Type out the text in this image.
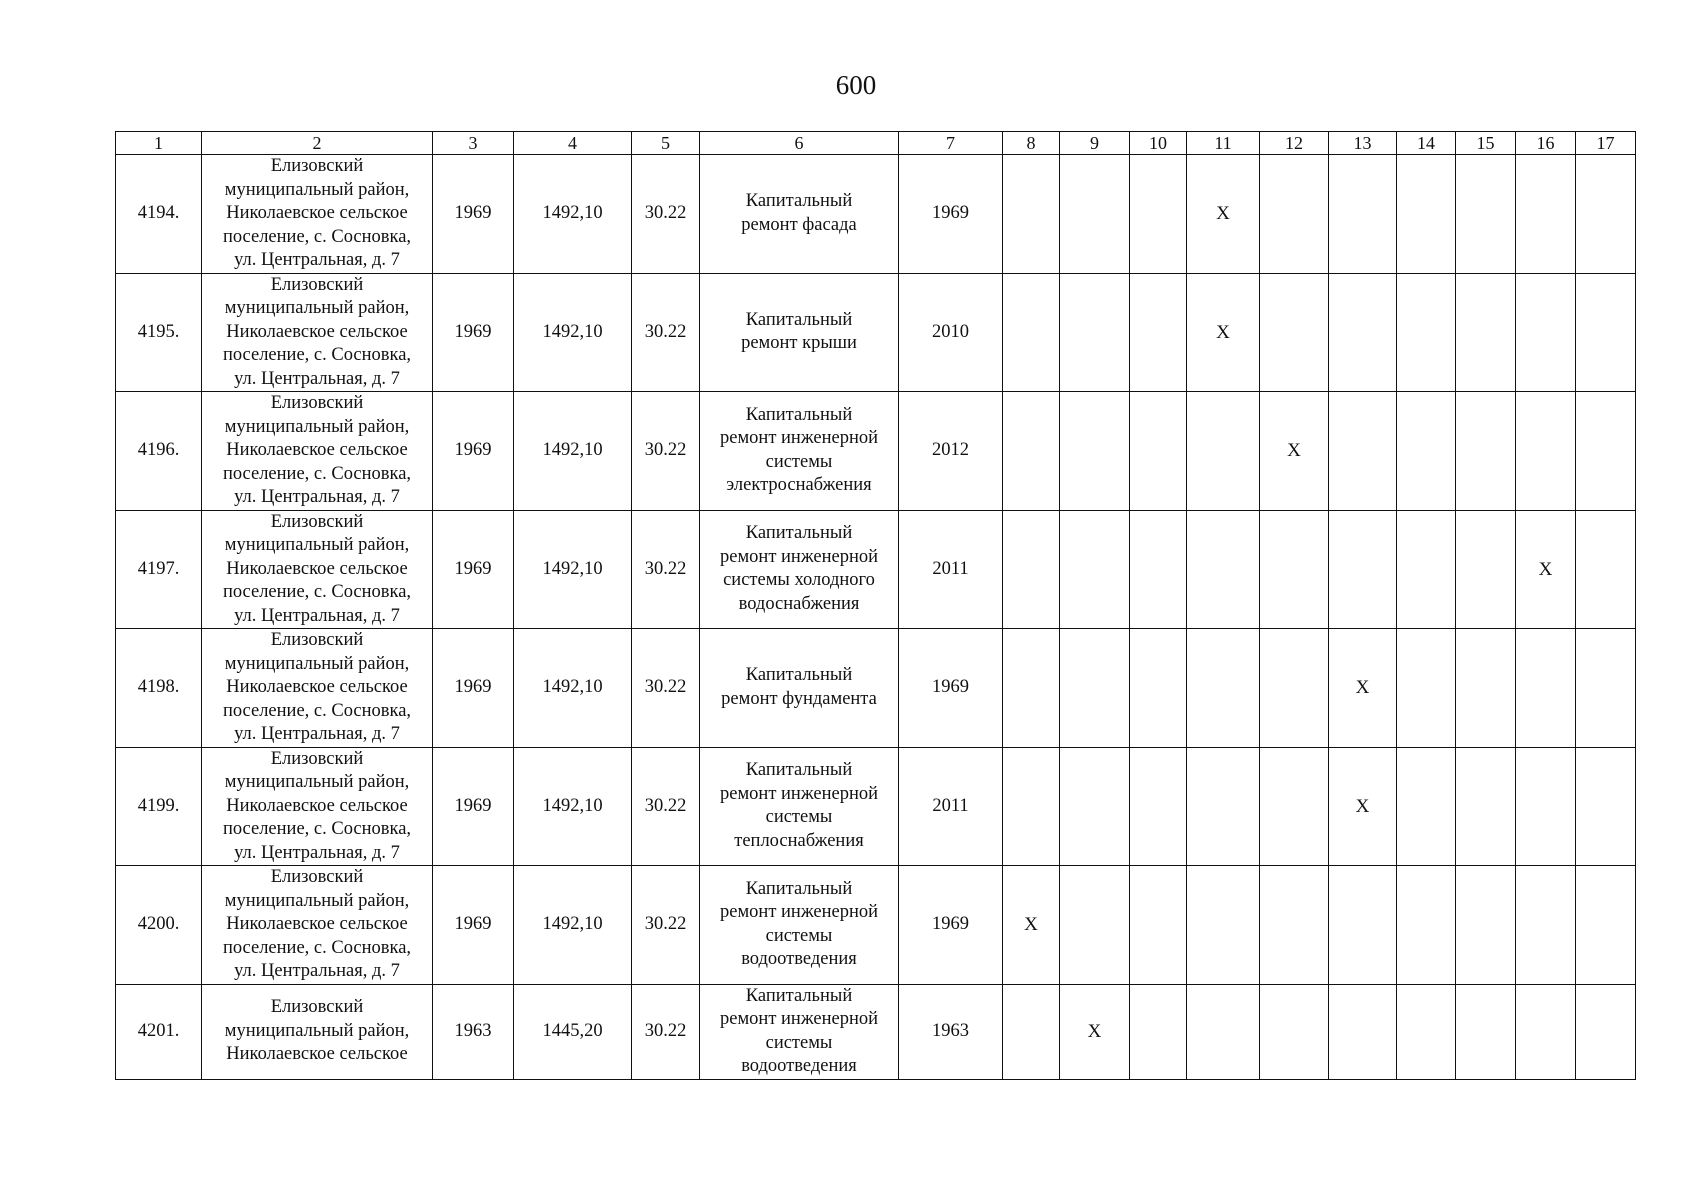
600
1	2	3	4	5	6	7	8	9	10	11	12	13	14	15	16	17
4194.	Елизовский
муниципальный район,
Николаевское сельское
поселение, с. Сосновка,
ул. Центральная, д. 7	1969	1492,10	30.22	Капитальный
ремонт фасада	1969				X						
4195.	Елизовский
муниципальный район,
Николаевское сельское
поселение, с. Сосновка,
ул. Центральная, д. 7	1969	1492,10	30.22	Капитальный
ремонт крыши	2010				X						
4196.	Елизовский
муниципальный район,
Николаевское сельское
поселение, с. Сосновка,
ул. Центральная, д. 7	1969	1492,10	30.22	Капитальный
ремонт инженерной
системы
электроснабжения	2012					X					
4197.	Елизовский
муниципальный район,
Николаевское сельское
поселение, с. Сосновка,
ул. Центральная, д. 7	1969	1492,10	30.22	Капитальный
ремонт инженерной
системы холодного
водоснабжения	2011									X	
4198.	Елизовский
муниципальный район,
Николаевское сельское
поселение, с. Сосновка,
ул. Центральная, д. 7	1969	1492,10	30.22	Капитальный
ремонт фундамента	1969						X				
4199.	Елизовский
муниципальный район,
Николаевское сельское
поселение, с. Сосновка,
ул. Центральная, д. 7	1969	1492,10	30.22	Капитальный
ремонт инженерной
системы
теплоснабжения	2011						X				
4200.	Елизовский
муниципальный район,
Николаевское сельское
поселение, с. Сосновка,
ул. Центральная, д. 7	1969	1492,10	30.22	Капитальный
ремонт инженерной
системы
водоотведения	1969	X									
4201.	Елизовский
муниципальный район,
Николаевское сельское	1963	1445,20	30.22	Капитальный
ремонт инженерной
системы
водоотведения	1963		X								
